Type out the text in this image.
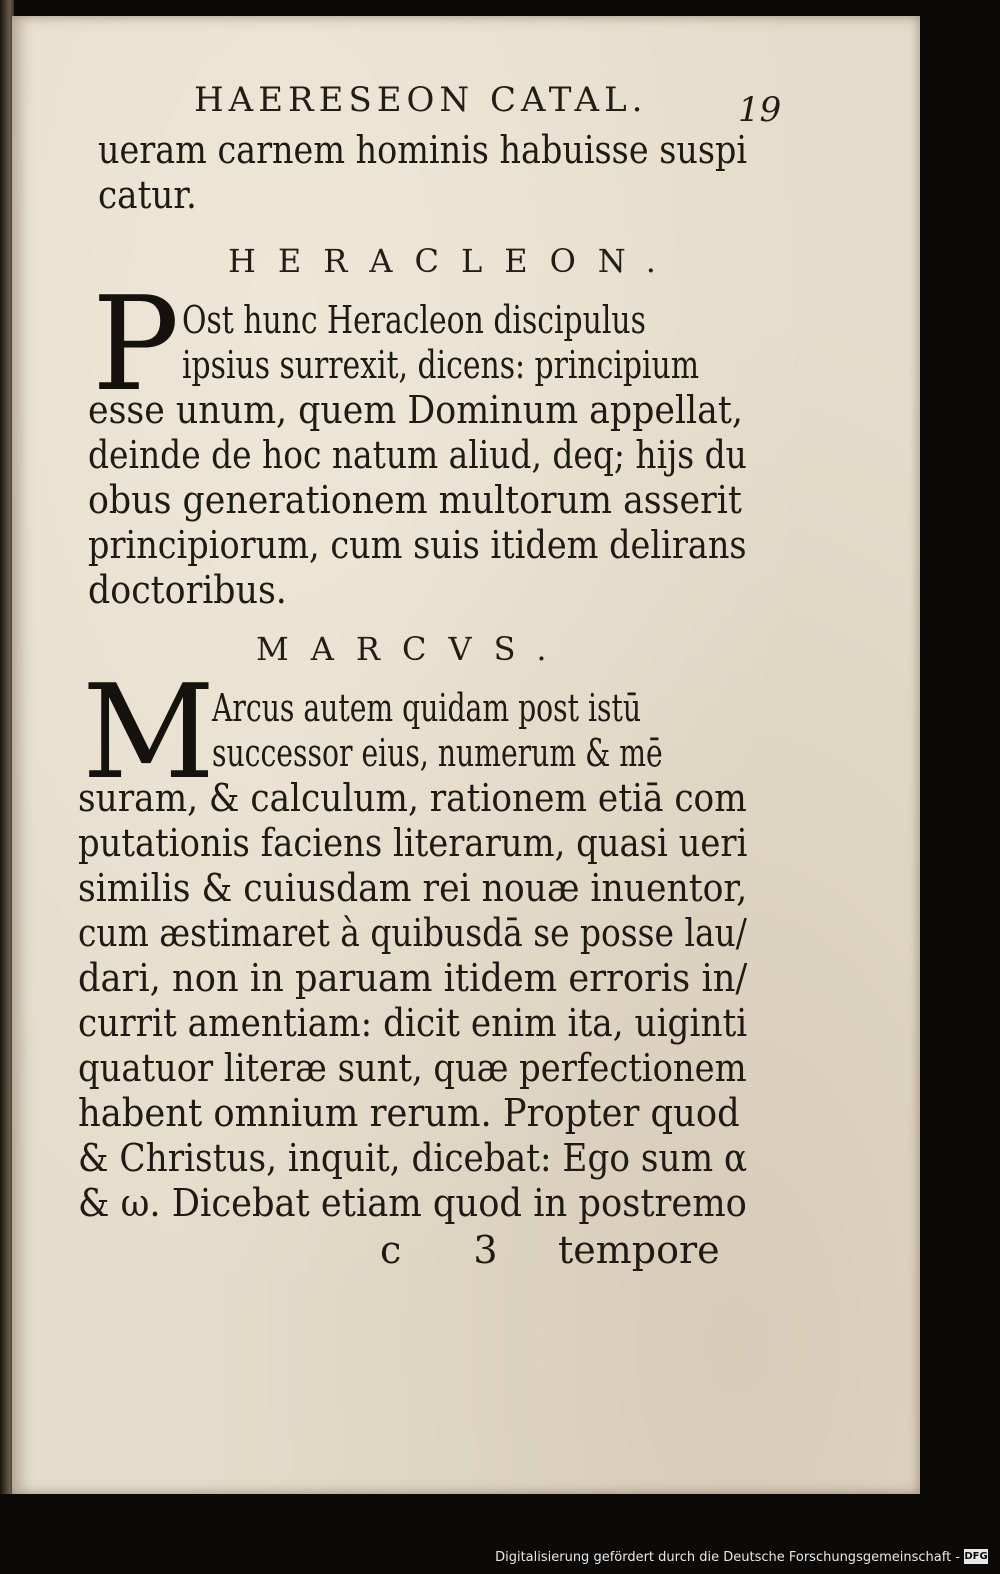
HAERESEON CATAL.	19
ueram carnem hominis habuisse suspi
catur.
HERACLEON.
P Ost hunc Heracleon discipulus
ipsius surrexit, dicens: principium
esse unum, quem Dominum appellat,
deinde de hoc natum aliud, deq; hijs du
obus generationem multorum asserit
principiorum, cum suis itidem delirans
doctoribus.
MARCVS.
M
Arcus autem quidam post istū
successor eius, numerum & mē
suram, & calculum, rationem etiā com
putationis faciens literarum, quasi ueri
similis & cuiusdam rei nouæ inuentor,
cum æstimaret à quibusdā se posse lau/
dari, non in paruam itidem erroris in/
currit amentiam: dicit enim ita, uiginti
quatuor literæ sunt, quæ perfectionem
habent omnium rerum. Propter quod
& Christus, inquit, dicebat: Ego sum α
& ω. Dicebat etiam quod in postremo
c 3 tempore
Digitalisierung gefördert durch die Deutsche Forschungsgemeinschaft - DFG
